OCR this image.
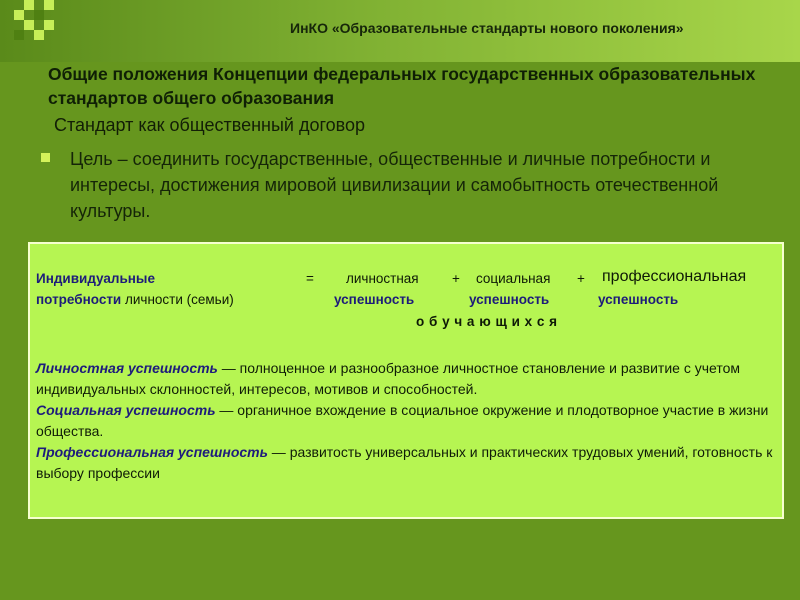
ИнКО «Образовательные стандарты нового поколения»
Общие положения Концепции федеральных государственных образовательных стандартов общего образования
Стандарт как общественный договор
Цель – соединить государственные, общественные и личные потребности и интересы, достижения мировой цивилизации и самобытность отечественной культуры.
Индивидуальные	= личностная + социальная + профессиональная
потребности личности (семьи)	успешность	успешность	успешность
о б у ч а ю щ и х с я
Личностная успешность — полноценное и разнообразное личностное становление и развитие с учетом индивидуальных склонностей, интересов, мотивов и способностей.
Социальная успешность — органичное вхождение в социальное окружение и плодотворное участие в жизни общества.
Профессиональная успешность — развитость универсальных и практических трудовых умений, готовность к выбору профессии
